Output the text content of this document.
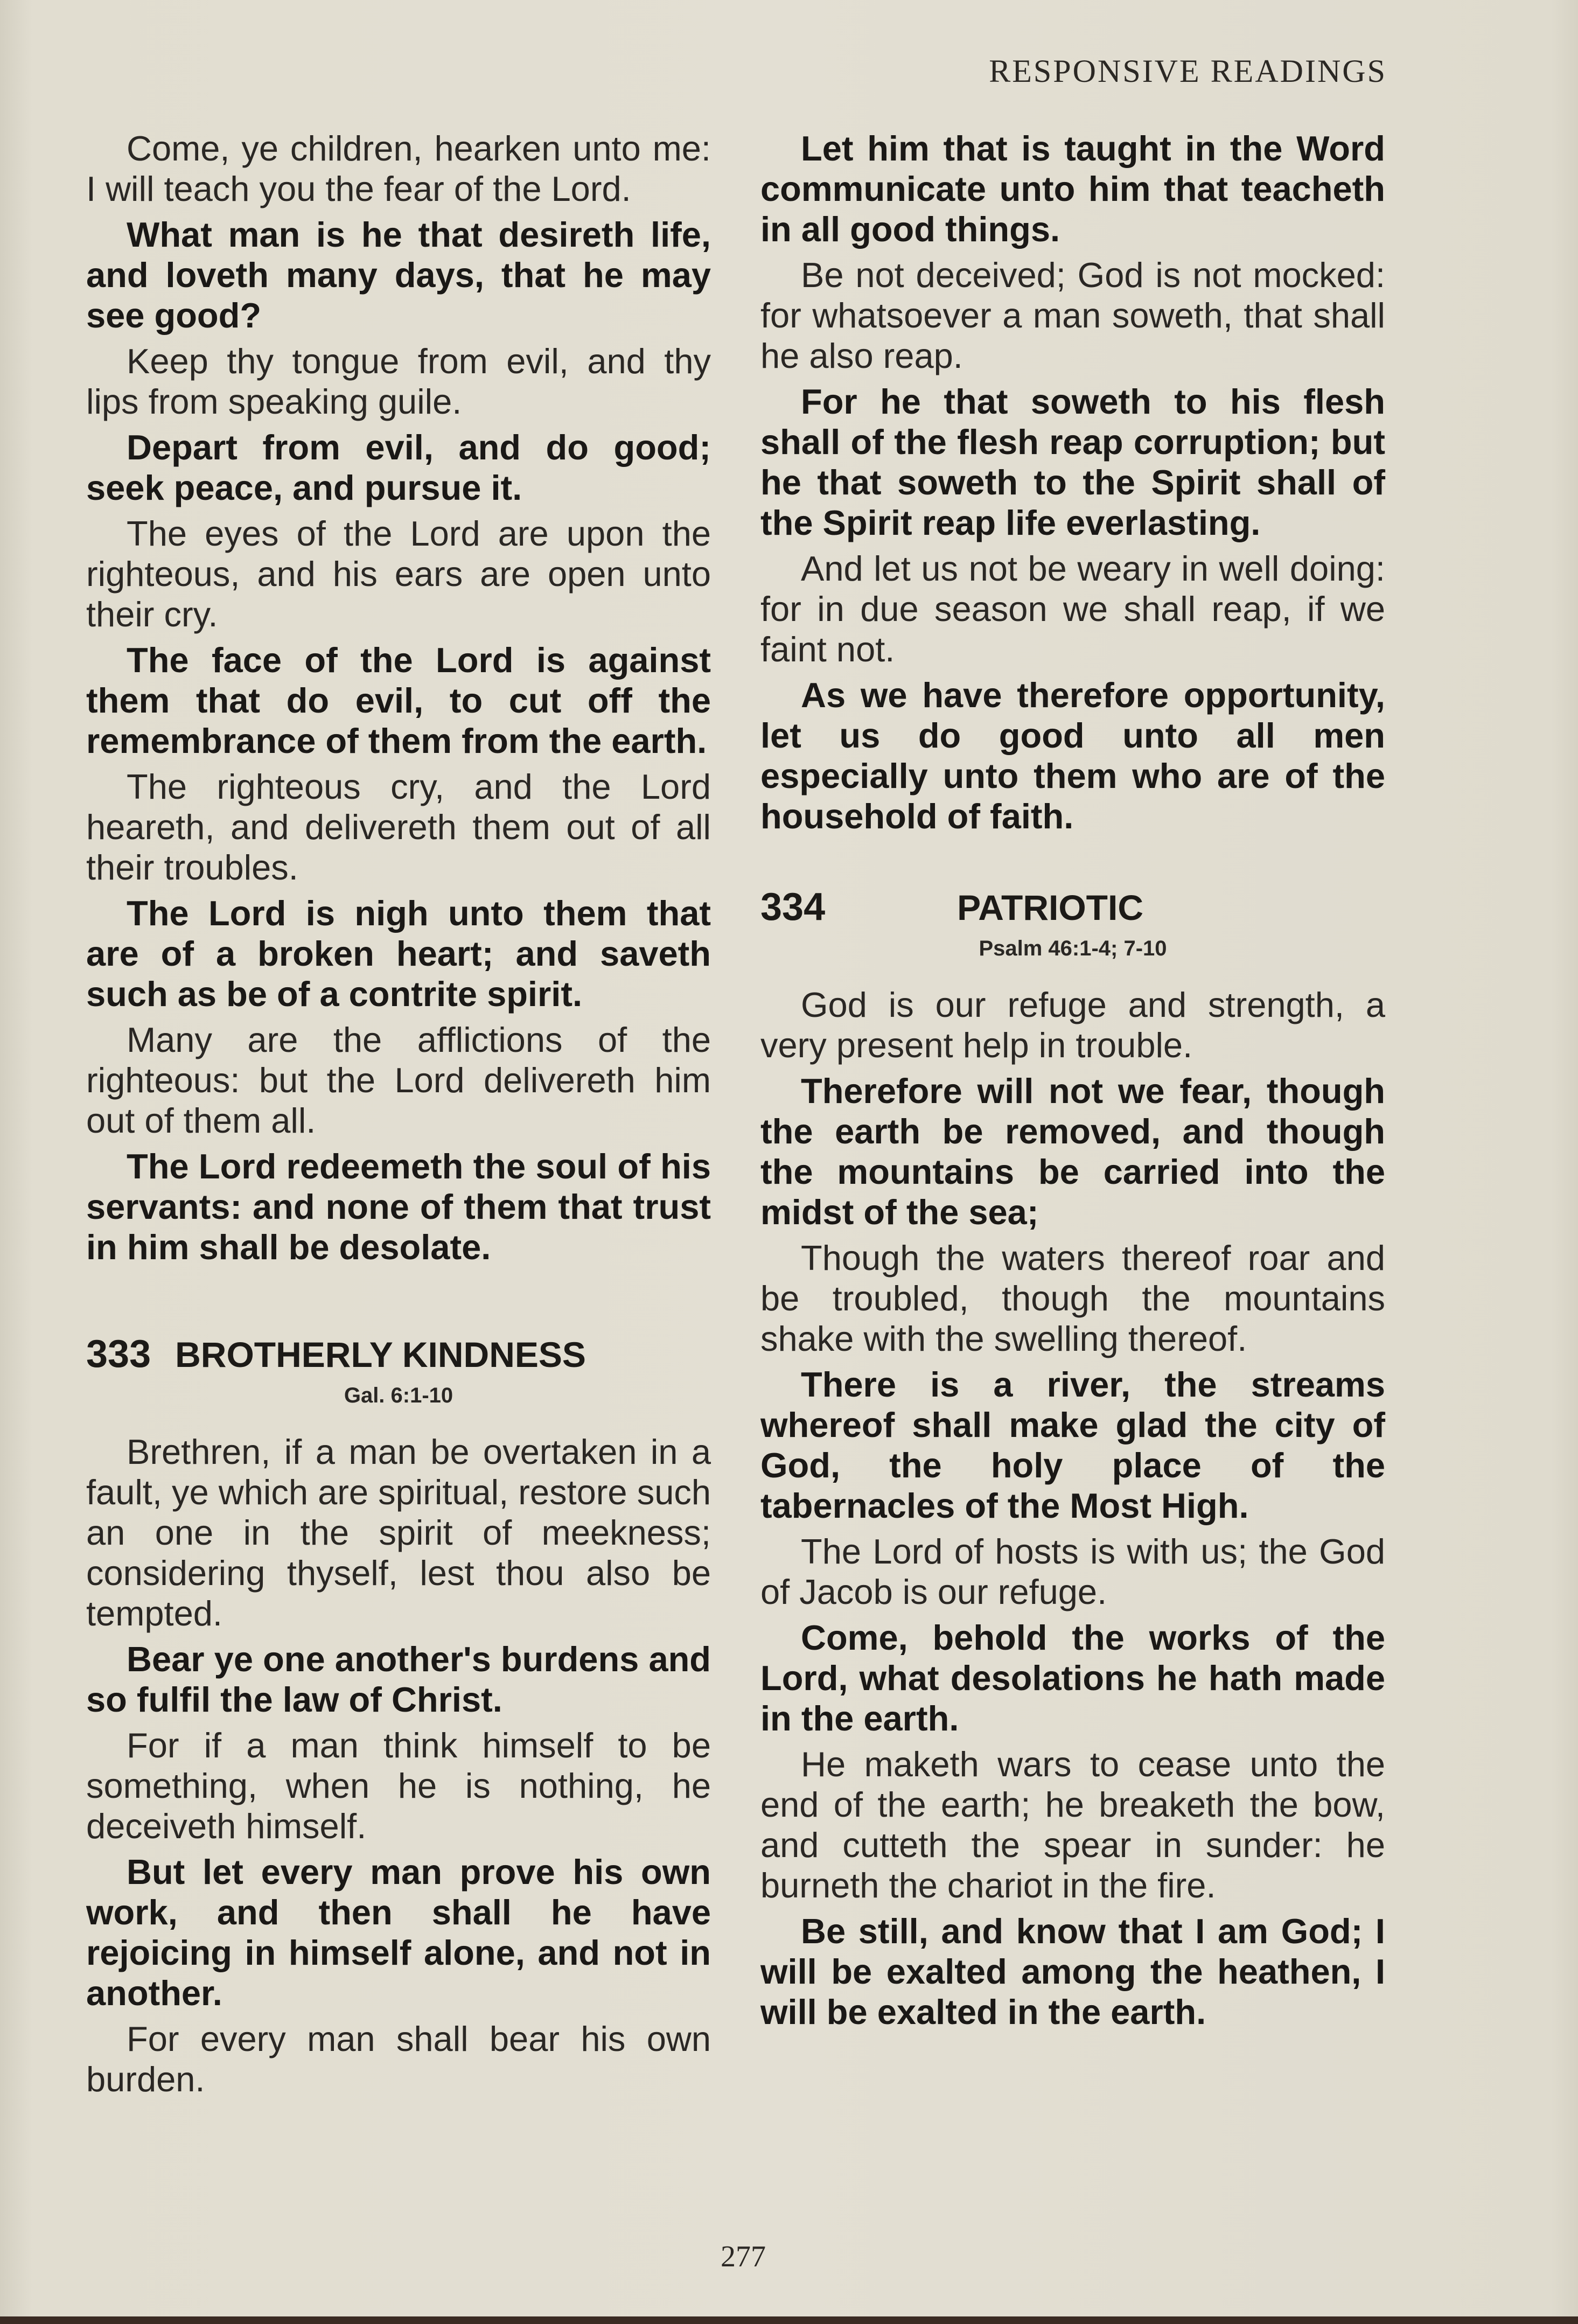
RESPONSIVE READINGS

Come, ye children, hearken unto me: I will teach you the fear of the Lord.

What man is he that desireth life, and loveth many days, that he may see good?

Keep thy tongue from evil, and thy lips from speaking guile.

Depart from evil, and do good; seek peace, and pursue it.

The eyes of the Lord are upon the righteous, and his ears are open unto their cry.

The face of the Lord is against them that do evil, to cut off the remembrance of them from the earth.

The righteous cry, and the Lord heareth, and delivereth them out of all their troubles.

The Lord is nigh unto them that are of a broken heart; and saveth such as be of a contrite spirit.

Many are the afflictions of the righteous: but the Lord delivereth him out of them all.

The Lord redeemeth the soul of his servants: and none of them that trust in him shall be desolate.

333 BROTHERLY KINDNESS
Gal. 6:1-10

Brethren, if a man be overtaken in a fault, ye which are spiritual, restore such an one in the spirit of meekness; considering thyself, lest thou also be tempted.

Bear ye one another's burdens and so fulfil the law of Christ.

For if a man think himself to be something, when he is nothing, he deceiveth himself.

But let every man prove his own work, and then shall he have rejoicing in himself alone, and not in another.

For every man shall bear his own burden.

Let him that is taught in the Word communicate unto him that teacheth in all good things.

Be not deceived; God is not mocked: for whatsoever a man soweth, that shall he also reap.

For he that soweth to his flesh shall of the flesh reap corruption; but he that soweth to the Spirit shall of the Spirit reap life everlasting.

And let us not be weary in well doing: for in due season we shall reap, if we faint not.

As we have therefore opportunity, let us do good unto all men especially unto them who are of the household of faith.

334	PATRIOTIC
Psalm 46:1-4; 7-10

God is our refuge and strength, a very present help in trouble.

Therefore will not we fear, though the earth be removed, and though the mountains be carried into the midst of the sea;

Though the waters thereof roar and be troubled, though the mountains shake with the swelling thereof.

There is a river, the streams whereof shall make glad the city of God, the holy place of the tabernacles of the Most High.

The Lord of hosts is with us; the God of Jacob is our refuge.

Come, behold the works of the Lord, what desolations he hath made in the earth.

He maketh wars to cease unto the end of the earth; he breaketh the bow, and cutteth the spear in sunder: he burneth the chariot in the fire.

Be still, and know that I am God; I will be exalted among the heathen, I will be exalted in the earth.

277
